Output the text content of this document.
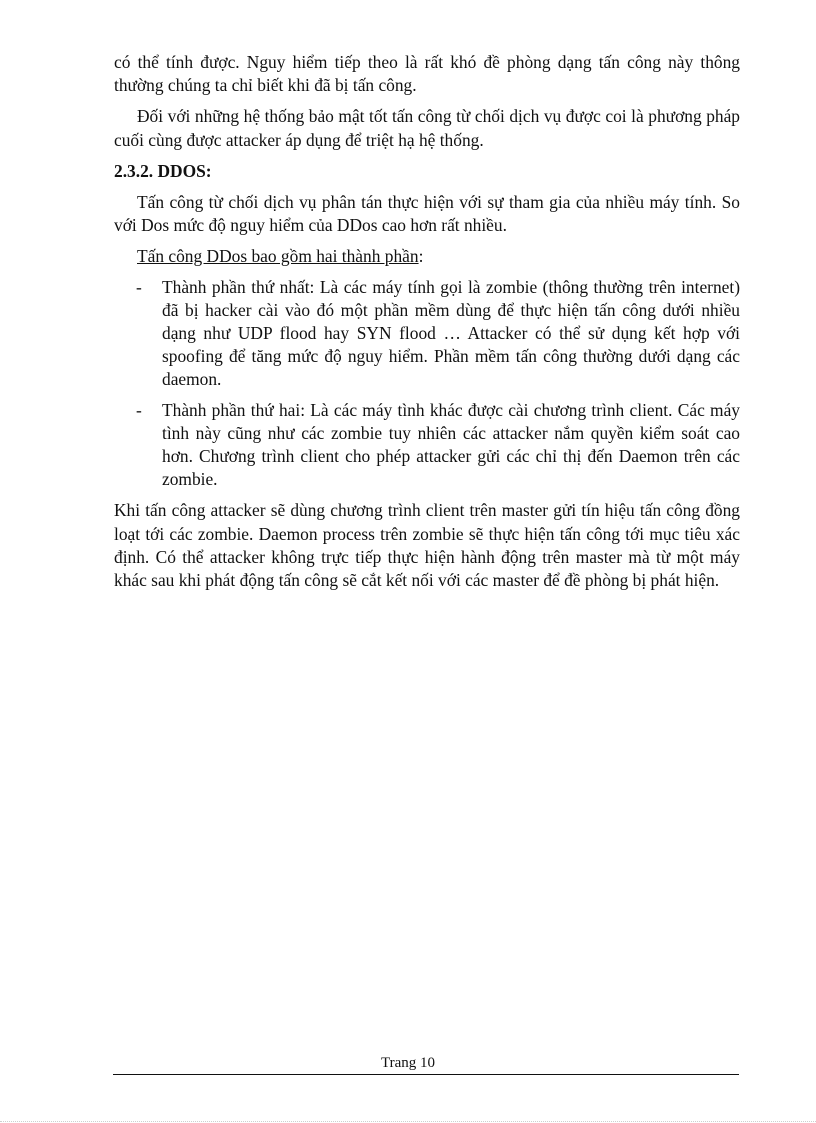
có thể tính được. Nguy hiểm tiếp theo là rất khó đề phòng dạng tấn công này thông thường chúng ta chỉ biết khi đã bị tấn công.

Đối với những hệ thống bảo mật tốt tấn công từ chối dịch vụ được coi là phương pháp cuối cùng được attacker áp dụng để triệt hạ hệ thống.

2.3.2. DDOS:

Tấn công từ chối dịch vụ phân tán thực hiện với sự tham gia của nhiều máy tính. So với Dos mức độ nguy hiểm của DDos cao hơn rất nhiều.

Tấn công DDos bao gồm hai thành phần:

- Thành phần thứ nhất: Là các máy tính gọi là zombie (thông thường trên internet) đã bị hacker cài vào đó một phần mềm dùng để thực hiện tấn công dưới nhiều dạng như UDP flood hay SYN flood … Attacker có thể sử dụng kết hợp với spoofing để tăng mức độ nguy hiểm. Phần mềm tấn công thường dưới dạng các daemon.
- Thành phần thứ hai: Là các máy tình khác được cài chương trình client. Các máy tình này cũng như các zombie tuy nhiên các attacker nắm quyền kiểm soát cao hơn. Chương trình client cho phép attacker gửi các chỉ thị đến Daemon trên các zombie.

Khi tấn công attacker sẽ dùng chương trình client trên master gửi tín hiệu tấn công đồng loạt tới các zombie. Daemon process trên zombie sẽ thực hiện tấn công tới mục tiêu xác định. Có thể attacker không trực tiếp thực hiện hành động trên master mà từ một máy khác sau khi phát động tấn công sẽ cắt kết nối với các master để đề phòng bị phát hiện.

Trang 10
